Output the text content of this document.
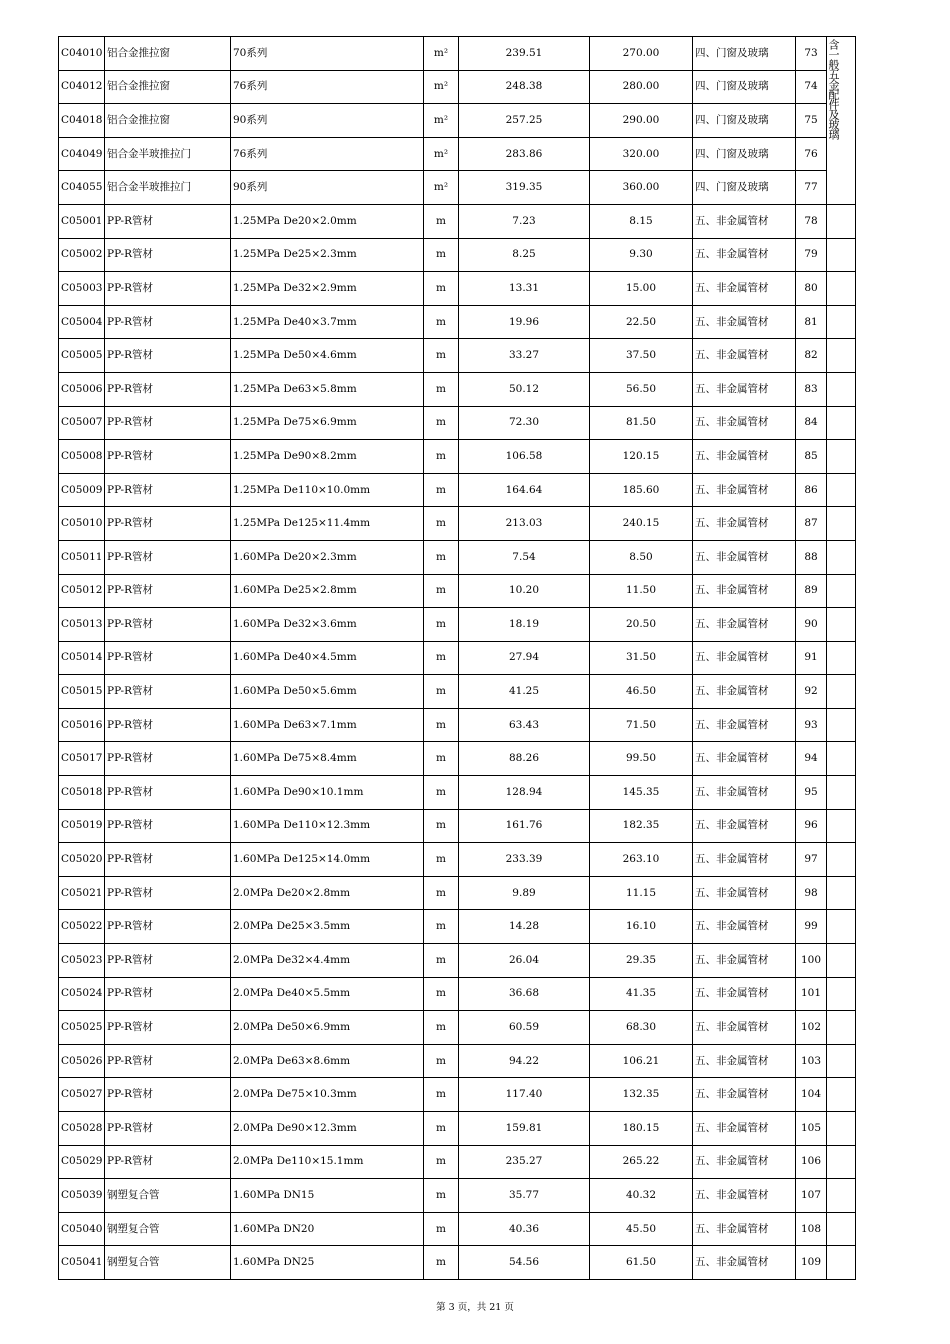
C04010	铝合金推拉窗	70系列	m²	239.51	270.00	四、门窗及玻璃	73	含一般五金配件及玻璃

C04012	铝合金推拉窗	76系列	m²	248.38	280.00	四、门窗及玻璃	74	
C04018	铝合金推拉窗	90系列	m²	257.25	290.00	四、门窗及玻璃	75	
C04049	铝合金半玻推拉门	76系列	m²	283.86	320.00	四、门窗及玻璃	76	
C04055	铝合金半玻推拉门	90系列	m²	319.35	360.00	四、门窗及玻璃	77	
C05001	PP-R管材	1.25MPa De20×2.0mm	m	7.23	8.15	五、非金属管材	78	
C05002	PP-R管材	1.25MPa De25×2.3mm	m	8.25	9.30	五、非金属管材	79	
C05003	PP-R管材	1.25MPa De32×2.9mm	m	13.31	15.00	五、非金属管材	80	
C05004	PP-R管材	1.25MPa De40×3.7mm	m	19.96	22.50	五、非金属管材	81	
C05005	PP-R管材	1.25MPa De50×4.6mm	m	33.27	37.50	五、非金属管材	82	
C05006	PP-R管材	1.25MPa De63×5.8mm	m	50.12	56.50	五、非金属管材	83	
C05007	PP-R管材	1.25MPa De75×6.9mm	m	72.30	81.50	五、非金属管材	84	
C05008	PP-R管材	1.25MPa De90×8.2mm	m	106.58	120.15	五、非金属管材	85	
C05009	PP-R管材	1.25MPa De110×10.0mm	m	164.64	185.60	五、非金属管材	86	
C05010	PP-R管材	1.25MPa De125×11.4mm	m	213.03	240.15	五、非金属管材	87	
C05011	PP-R管材	1.60MPa De20×2.3mm	m	7.54	8.50	五、非金属管材	88	
C05012	PP-R管材	1.60MPa De25×2.8mm	m	10.20	11.50	五、非金属管材	89	
C05013	PP-R管材	1.60MPa De32×3.6mm	m	18.19	20.50	五、非金属管材	90	
C05014	PP-R管材	1.60MPa De40×4.5mm	m	27.94	31.50	五、非金属管材	91	
C05015	PP-R管材	1.60MPa De50×5.6mm	m	41.25	46.50	五、非金属管材	92	
C05016	PP-R管材	1.60MPa De63×7.1mm	m	63.43	71.50	五、非金属管材	93	
C05017	PP-R管材	1.60MPa De75×8.4mm	m	88.26	99.50	五、非金属管材	94	
C05018	PP-R管材	1.60MPa De90×10.1mm	m	128.94	145.35	五、非金属管材	95	
C05019	PP-R管材	1.60MPa De110×12.3mm	m	161.76	182.35	五、非金属管材	96	
C05020	PP-R管材	1.60MPa De125×14.0mm	m	233.39	263.10	五、非金属管材	97	
C05021	PP-R管材	2.0MPa De20×2.8mm	m	9.89	11.15	五、非金属管材	98	
C05022	PP-R管材	2.0MPa De25×3.5mm	m	14.28	16.10	五、非金属管材	99	
C05023	PP-R管材	2.0MPa De32×4.4mm	m	26.04	29.35	五、非金属管材	100	
C05024	PP-R管材	2.0MPa De40×5.5mm	m	36.68	41.35	五、非金属管材	101	
C05025	PP-R管材	2.0MPa De50×6.9mm	m	60.59	68.30	五、非金属管材	102	
C05026	PP-R管材	2.0MPa De63×8.6mm	m	94.22	106.21	五、非金属管材	103	
C05027	PP-R管材	2.0MPa De75×10.3mm	m	117.40	132.35	五、非金属管材	104	
C05028	PP-R管材	2.0MPa De90×12.3mm	m	159.81	180.15	五、非金属管材	105	
C05029	PP-R管材	2.0MPa De110×15.1mm	m	235.27	265.22	五、非金属管材	106	
C05039	钢塑复合管	1.60MPa DN15	m	35.77	40.32	五、非金属管材	107	
C05040	钢塑复合管	1.60MPa DN20	m	40.36	45.50	五、非金属管材	108	
C05041	钢塑复合管	1.60MPa DN25	m	54.56	61.50	五、非金属管材	109	
第 3 页，共 21 页
